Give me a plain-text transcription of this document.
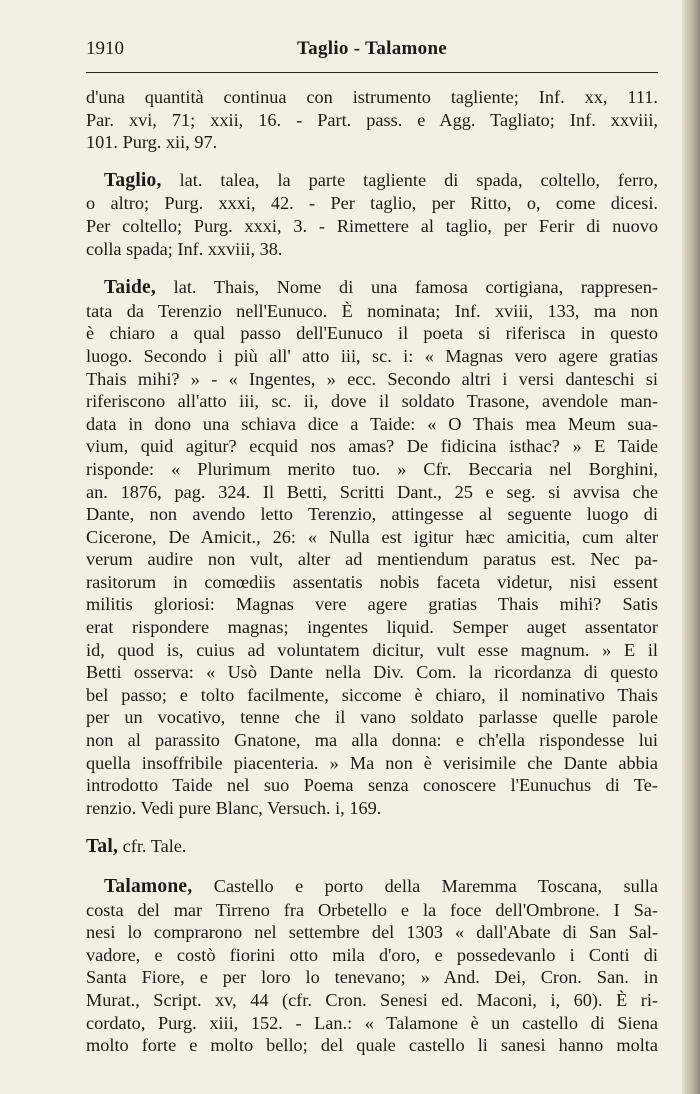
1910	Taglio - Talamone
d'una quantità continua con istrumento tagliente; Inf. xx, 111.
Par. xvi, 71; xxii, 16. - Part. pass. e Agg. Tagliato; Inf. xxviii,
101. Purg. xii, 97.
Taglio, lat. talea, la parte tagliente di spada, coltello, ferro,
o altro; Purg. xxxi, 42. - Per taglio, per Ritto, o, come dicesi.
Per coltello; Purg. xxxi, 3. - Rimettere al taglio, per Ferir di nuovo
colla spada; Inf. xxviii, 38.
Taide, lat. Thais, Nome di una famosa cortigiana, rappresen-
tata da Terenzio nell'Eunuco. È nominata; Inf. xviii, 133, ma non
è chiaro a qual passo dell'Eunuco il poeta si riferisca in questo
luogo. Secondo i più all' atto iii, sc. i: « Magnas vero agere gratias
Thais mihi? » - « Ingentes, » ecc. Secondo altri i versi danteschi si
riferiscono all'atto iii, sc. ii, dove il soldato Trasone, avendole man-
data in dono una schiava dice a Taide: « O Thais mea Meum sua-
vium, quid agitur? ecquid nos amas? De fidicina isthac? » E Taide
risponde: « Plurimum merito tuo. » Cfr. Beccaria nel Borghini,
an. 1876, pag. 324. Il Betti, Scritti Dant., 25 e seg. si avvisa che
Dante, non avendo letto Terenzio, attingesse al seguente luogo di
Cicerone, De Amicit., 26: « Nulla est igitur hæc amicitia, cum alter
verum audire non vult, alter ad mentiendum paratus est. Nec pa-
rasitorum in comœdiis assentatis nobis faceta videtur, nisi essent
militis gloriosi: Magnas vere agere gratias Thais mihi? Satis
erat rispondere magnas; ingentes liquid. Semper auget assentator
id, quod is, cuius ad voluntatem dicitur, vult esse magnum. » E il
Betti osserva: « Usò Dante nella Div. Com. la ricordanza di questo
bel passo; e tolto facilmente, siccome è chiaro, il nominativo Thais
per un vocativo, tenne che il vano soldato parlasse quelle parole
non al parassito Gnatone, ma alla donna: e ch'ella rispondesse lui
quella insoffribile piacenteria. » Ma non è verisimile che Dante abbia
introdotto Taide nel suo Poema senza conoscere l'Eunuchus di Te-
renzio. Vedi pure Blanc, Versuch. i, 169.
Tal, cfr. Tale.
Talamone, Castello e porto della Maremma Toscana, sulla
costa del mar Tirreno fra Orbetello e la foce dell'Ombrone. I Sa-
nesi lo comprarono nel settembre del 1303 « dall'Abate di San Sal-
vadore, e costò fiorini otto mila d'oro, e possedevanlo i Conti di
Santa Fiore, e per loro lo tenevano; » And. Dei, Cron. San. in
Murat., Script. xv, 44 (cfr. Cron. Senesi ed. Maconi, i, 60). È ri-
cordato, Purg. xiii, 152. - Lan.: « Talamone è un castello di Siena
molto forte e molto bello; del quale castello li sanesi hanno molta
